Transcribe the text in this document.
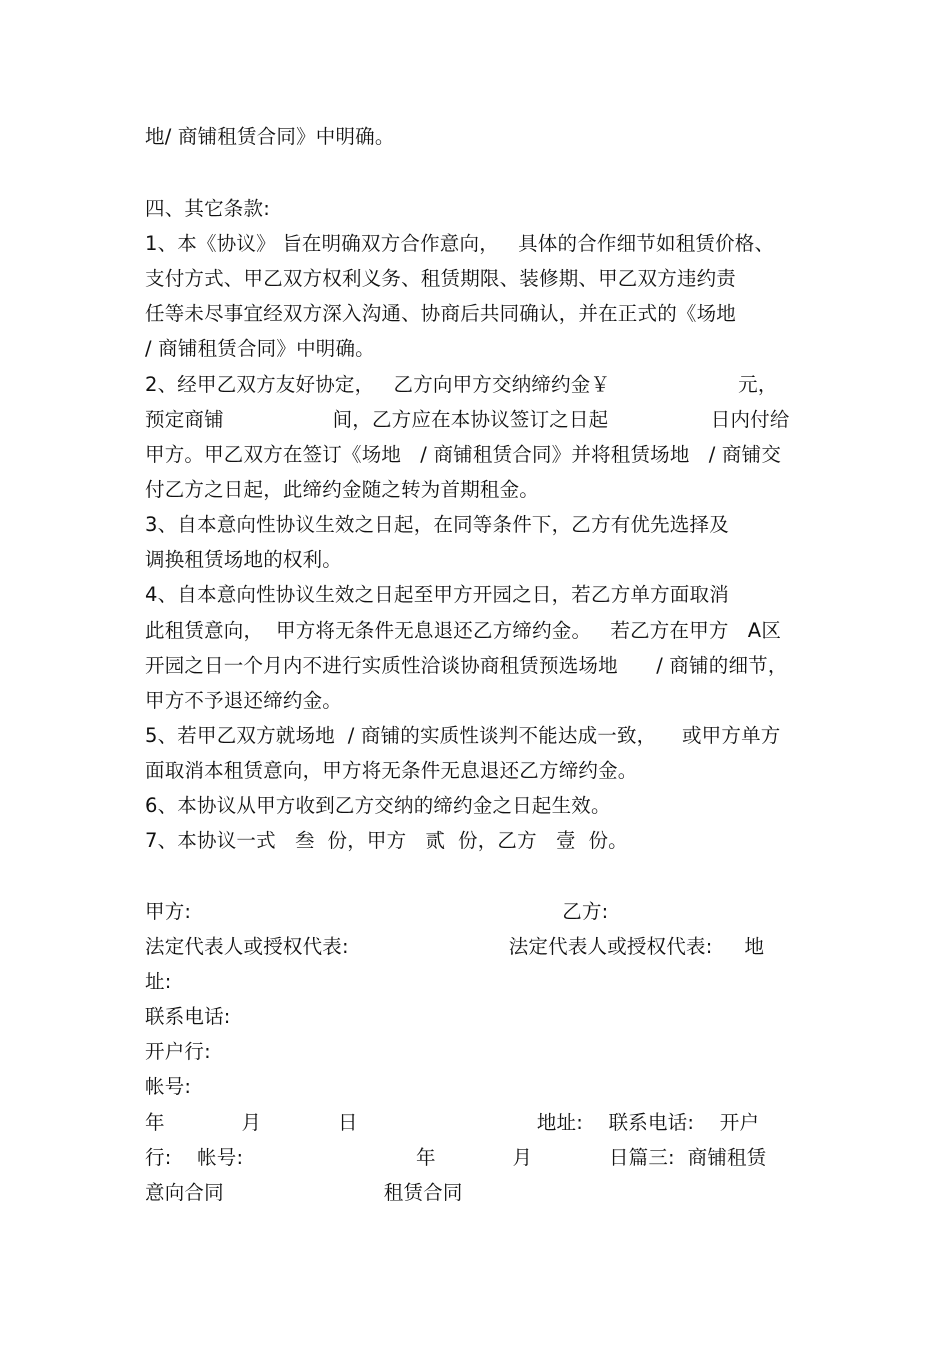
地/ 商铺租赁合同》中明确。
四、其它条款:
1、本《协议》 旨在明确双方合作意向，   具体的合作细节如租赁价格、
支付方式、甲乙双方权利义务、租赁期限、装修期、甲乙双方违约责
任等未尽事宜经双方深入沟通、协商后共同确认，并在正式的《场地
/ 商铺租赁合同》中明确。
2、经甲乙双方友好协定，   乙方向甲方交纳缔约金￥                    元，
预定商铺                 间，乙方应在本协议签订之日起                日内付给
甲方。甲乙双方在签订《场地   / 商铺租赁合同》并将租赁场地   / 商铺交
付乙方之日起，此缔约金随之转为首期租金。
3、自本意向性协议生效之日起，在同等条件下，乙方有优先选择及
调换租赁场地的权利。
4、自本意向性协议生效之日起至甲方开园之日，若乙方单方面取消
此租赁意向，  甲方将无条件无息退还乙方缔约金。   若乙方在甲方   A区
开园之日一个月内不进行实质性洽谈协商租赁预选场地      / 商铺的细节，
甲方不予退还缔约金。
5、若甲乙双方就场地  / 商铺的实质性谈判不能达成一致，    或甲方单方
面取消本租赁意向，甲方将无条件无息退还乙方缔约金。
6、本协议从甲方收到乙方交纳的缔约金之日起生效。
7、本协议一式   叁  份，甲方   贰  份，乙方   壹  份。
甲方:                                                          乙方:
法定代表人或授权代表:                         法定代表人或授权代表:     地
址:
联系电话:
开户行:
帐号:
年            月            日                            地址:    联系电话:    开户
行:    帐号:                           年            月            日篇三:  商铺租赁
意向合同                         租赁合同
